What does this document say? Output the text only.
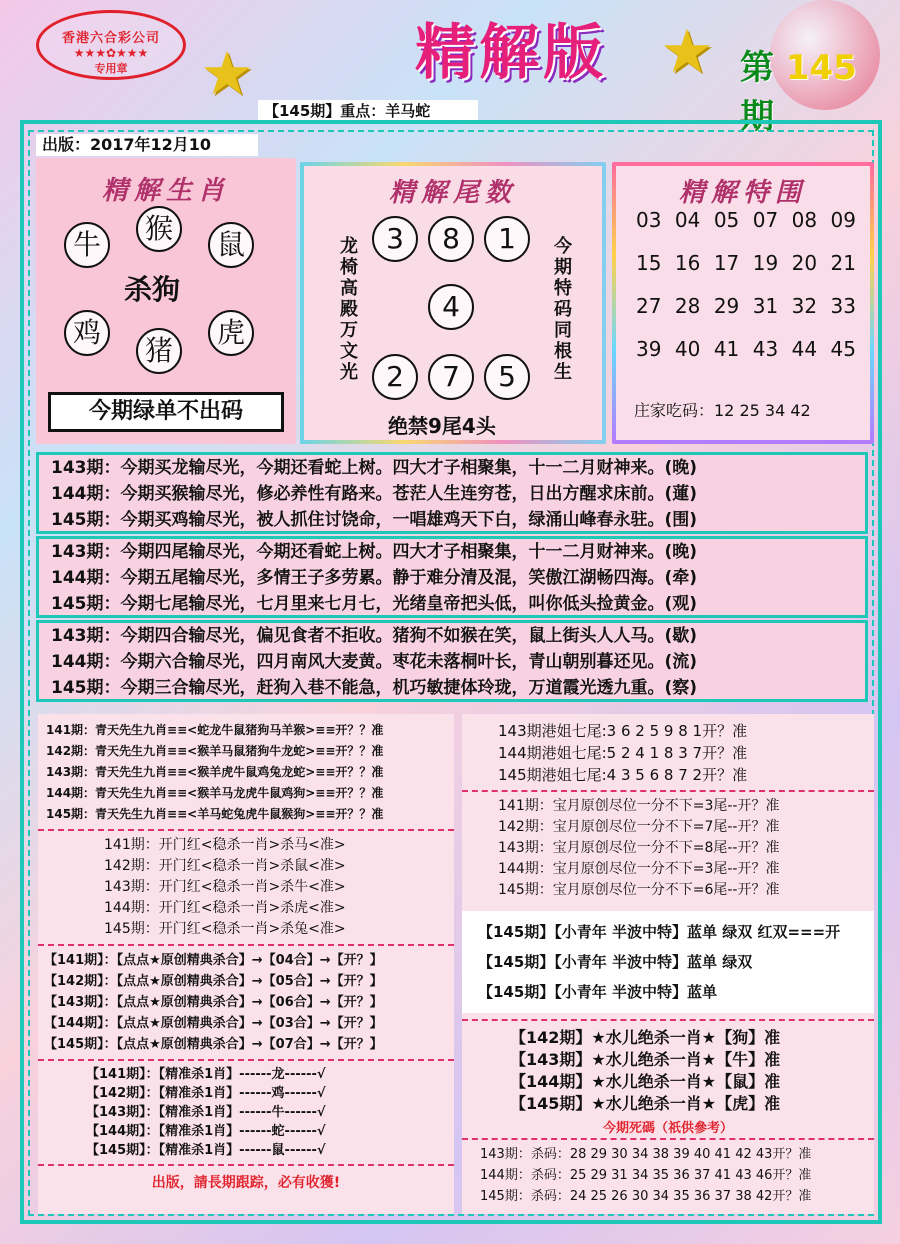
香港六合彩公司
★★★✿★★★
专用章	★	★
精解版	第 145 期
【145期】重点：羊马蛇
出版：2017年12月10
精解生肖
牛	猴	鼠
杀狗
鸡
猪
虎
今期绿单不出码
精解尾数
龙椅高殿万文光
今期特码同根生
3	8	1
4
2	7	5
绝禁9尾4头
精解特围
03 04 05 07 08 09
15 16 17 19 20 21
27 28 29 31 32 33
39 40 41 43 44 45
庄家吃码：12 25 34 42
143期：今期买龙输尽光，今期还看蛇上树。四大才子相聚集，十一二月财神来。(晚)
144期：今期买猴输尽光，修必养性有路来。苍茫人生连穷苍，日出方醒求床前。(蓮)
145期：今期买鸡输尽光，被人抓住讨饶命，一唱雄鸡天下白，绿涌山峰春永驻。(围)
143期：今期四尾输尽光，今期还看蛇上树。四大才子相聚集，十一二月财神来。(晚)
144期：今期五尾输尽光，多情王子多劳累。静于难分清及混，笑傲江湖畅四海。(牵)
145期：今期七尾输尽光，七月里来七月七，光绪皇帝把头低，叫你低头捡黄金。(观)
143期：今期四合输尽光，偏见食者不拒收。猪狗不如猴在笑，鼠上街头人人马。(歇)
144期：今期六合输尽光，四月南风大麦黄。枣花未落桐叶长，青山朝别暮还见。(流)
145期：今期三合输尽光，赶狗入巷不能急，机巧敏捷体玲珑，万道霞光透九重。(察)
141期：青天先生九肖≡≡<蛇龙牛鼠猪狗马羊猴>≡≡开？？准
142期：青天先生九肖≡≡<猴羊马鼠猪狗牛龙蛇>≡≡开？？准
143期：青天先生九肖≡≡<猴羊虎牛鼠鸡兔龙蛇>≡≡开？？准
144期：青天先生九肖≡≡<猴羊马龙虎牛鼠鸡狗>≡≡开？？准
145期：青天先生九肖≡≡<羊马蛇兔虎牛鼠猴狗>≡≡开？？准
141期：开门红<稳杀一肖>杀马<准>
142期：开门红<稳杀一肖>杀鼠<准>
143期：开门红<稳杀一肖>杀牛<准>
144期：开门红<稳杀一肖>杀虎<准>
145期：开门红<稳杀一肖>杀兔<准>
【141期】：【点点★原创精典杀合】→【04合】→【开？】
【142期】：【点点★原创精典杀合】→【05合】→【开？】
【143期】：【点点★原创精典杀合】→【06合】→【开？】
【144期】：【点点★原创精典杀合】→【03合】→【开？】
【145期】：【点点★原创精典杀合】→【07合】→【开？】
【141期】：【精准杀1肖】------龙------√
【142期】：【精准杀1肖】------鸡------√
【143期】：【精准杀1肖】------牛------√
【144期】：【精准杀1肖】------蛇------√
【145期】：【精准杀1肖】------鼠------√
出版，請長期跟踪，必有收獲!
143期港姐七尾:3 6 2 5 9 8 1开？准
144期港姐七尾:5 2 4 1 8 3 7开？准
145期港姐七尾:4 3 5 6 8 7 2开？准
141期：宝月原创尽位一分不下=3尾--开？准
142期：宝月原创尽位一分不下=7尾--开？准
143期：宝月原创尽位一分不下=8尾--开？准
144期：宝月原创尽位一分不下=3尾--开？准
145期：宝月原创尽位一分不下=6尾--开？准
【145期】【小青年 半波中特】蓝单 绿双 红双===开
【145期】【小青年 半波中特】蓝单 绿双
【145期】【小青年 半波中特】蓝单
【142期】★水儿绝杀一肖★【狗】准
【143期】★水儿绝杀一肖★【牛】准
【144期】★水儿绝杀一肖★【鼠】准
【145期】★水儿绝杀一肖★【虎】准
今期死碼（祇供參考）
143期：杀码：28 29 30 34 38 39 40 41 42 43开？准
144期：杀码：25 29 31 34 35 36 37 41 43 46开？准
145期：杀码：24 25 26 30 34 35 36 37 38 42开？准
